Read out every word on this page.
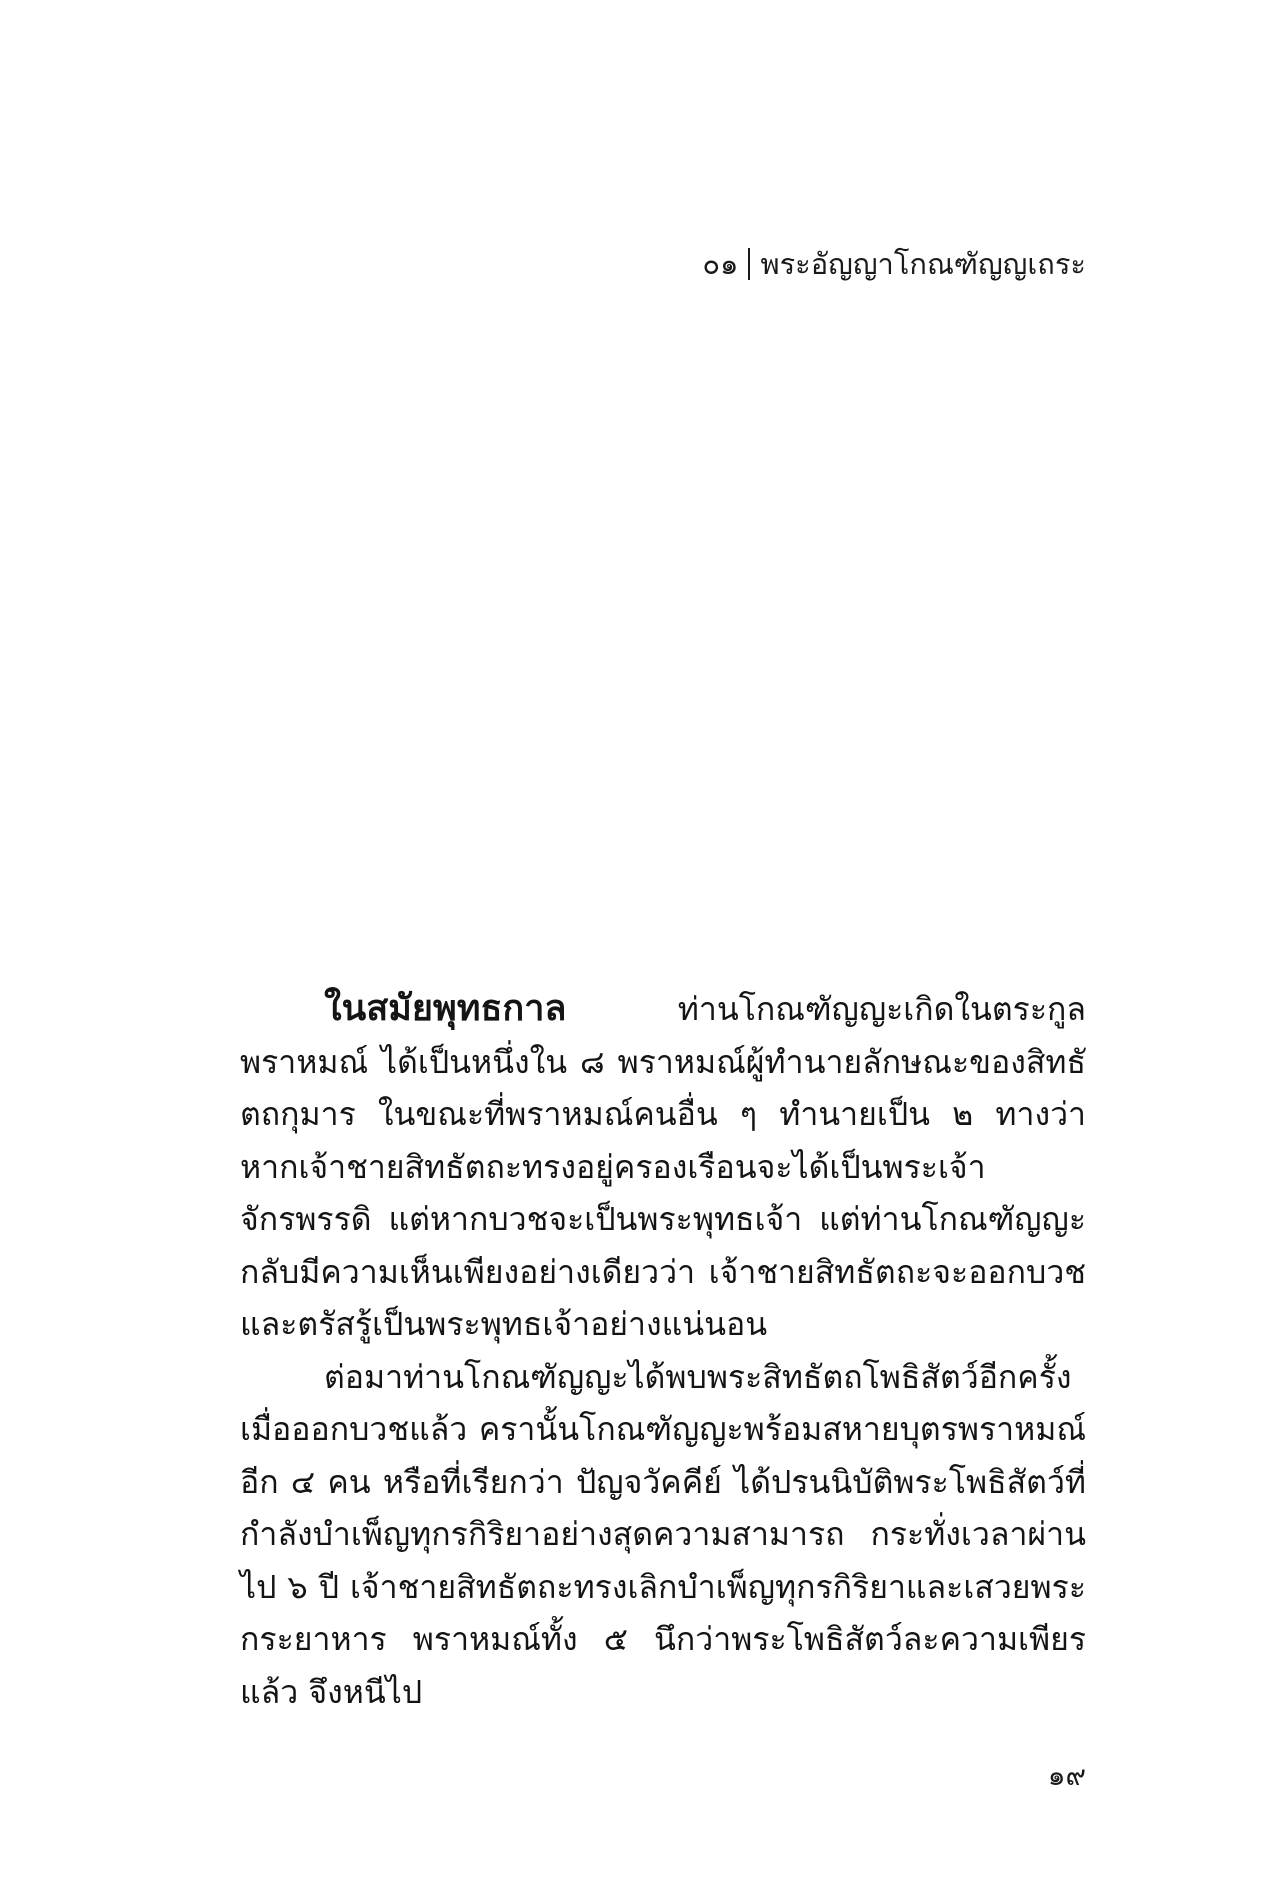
๐๑ พระอัญญาโกณฑัญญเถระ

ในสมัยพุทธกาล ท่านโกณฑัญญะเกิดในตระกูลพราหมณ์ ได้เป็นหนึ่งใน ๘ พราหมณ์ผู้ทำนายลักษณะของสิทธัตถกุมาร ในขณะที่พราหมณ์คนอื่น ๆ ทำนายเป็น ๒ ทางว่า หากเจ้าชายสิทธัตถะทรงอยู่ครองเรือนจะได้เป็นพระเจ้าจักรพรรดิ แต่หากบวชจะเป็นพระพุทธเจ้า แต่ท่านโกณฑัญญะกลับมีความเห็นเพียงอย่างเดียวว่า เจ้าชายสิทธัตถะจะออกบวชและตรัสรู้เป็นพระพุทธเจ้าอย่างแน่นอน

ต่อมาท่านโกณฑัญญะได้พบพระสิทธัตถโพธิสัตว์อีกครั้งเมื่อออกบวชแล้ว ครานั้นโกณฑัญญะพร้อมสหายบุตรพราหมณ์อีก ๔ คน หรือที่เรียกว่า ปัญจวัคคีย์ ได้ปรนนิบัติพระโพธิสัตว์ที่กำลังบำเพ็ญทุกรกิริยาอย่างสุดความสามารถ กระทั่งเวลาผ่านไป ๖ ปี เจ้าชายสิทธัตถะทรงเลิกบำเพ็ญทุกรกิริยาและเสวยพระกระยาหาร พราหมณ์ทั้ง ๕ นึกว่าพระโพธิสัตว์ละความเพียรแล้ว จึงหนีไป

๑๙
